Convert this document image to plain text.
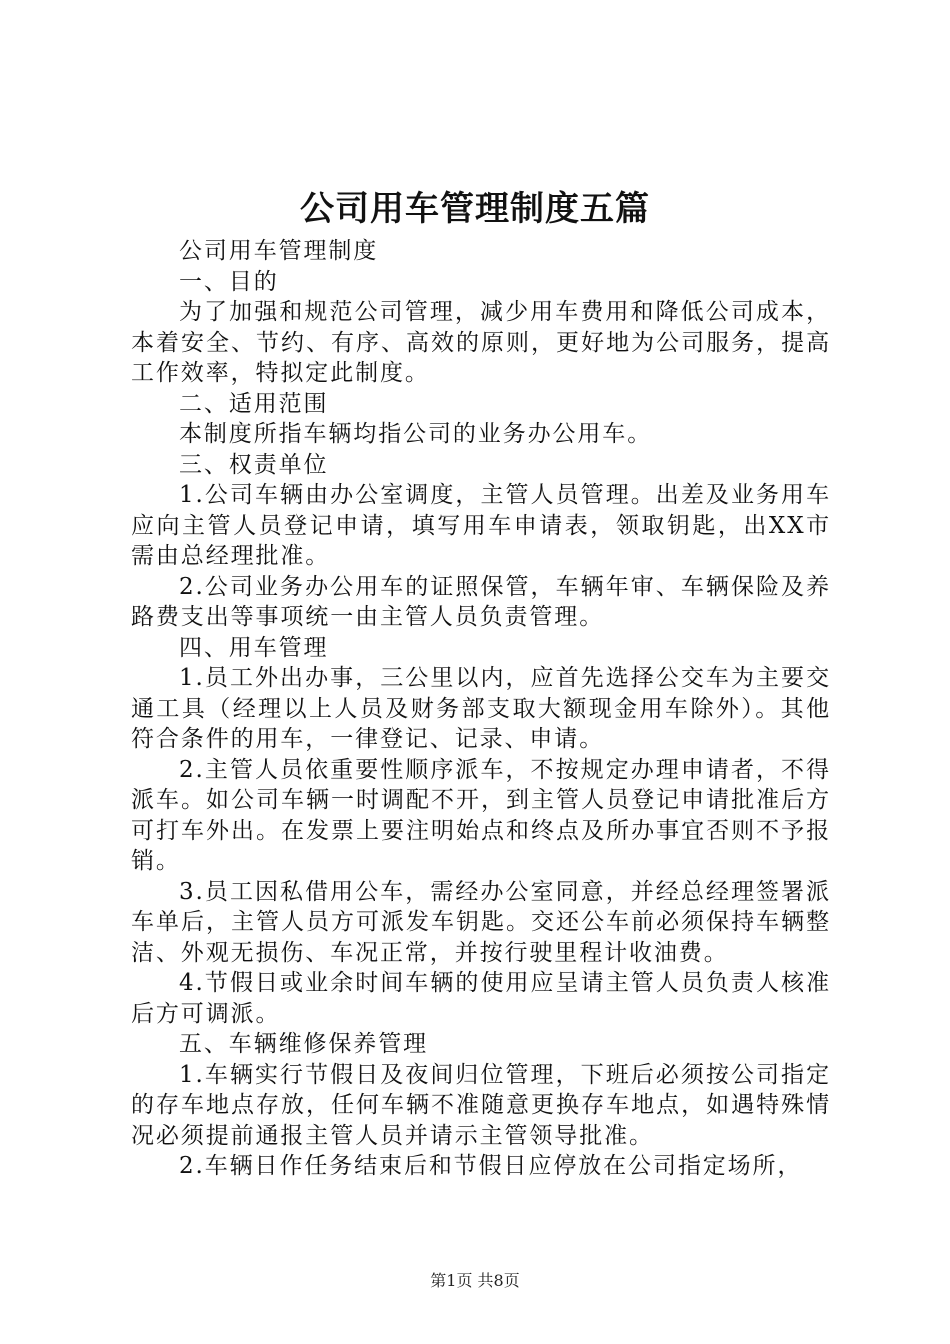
公司用车管理制度五篇

公司用车管理制度

一、目的

为了加强和规范公司管理，减少用车费用和降低公司成本，本着安全、节约、有序、高效的原则，更好地为公司服务，提高工作效率，特拟定此制度。

二、适用范围

本制度所指车辆均指公司的业务办公用车。

三、权责单位

1.公司车辆由办公室调度，主管人员管理。出差及业务用车应向主管人员登记申请，填写用车申请表，领取钥匙，出XX市需由总经理批准。

2.公司业务办公用车的证照保管，车辆年审、车辆保险及养路费支出等事项统一由主管人员负责管理。

四、用车管理

1.员工外出办事，三公里以内，应首先选择公交车为主要交通工具（经理以上人员及财务部支取大额现金用车除外）。其他符合条件的用车，一律登记、记录、申请。

2.主管人员依重要性顺序派车，不按规定办理申请者，不得派车。如公司车辆一时调配不开，到主管人员登记申请批准后方可打车外出。在发票上要注明始点和终点及所办事宜否则不予报销。

3.员工因私借用公车，需经办公室同意，并经总经理签署派车单后，主管人员方可派发车钥匙。交还公车前必须保持车辆整洁、外观无损伤、车况正常，并按行驶里程计收油费。

4.节假日或业余时间车辆的使用应呈请主管人员负责人核准后方可调派。

五、车辆维修保养管理

1.车辆实行节假日及夜间归位管理，下班后必须按公司指定的存车地点存放，任何车辆不准随意更换存车地点，如遇特殊情况必须提前通报主管人员并请示主管领导批准。

2.车辆日作任务结束后和节假日应停放在公司指定场所，

第1页 共8页
